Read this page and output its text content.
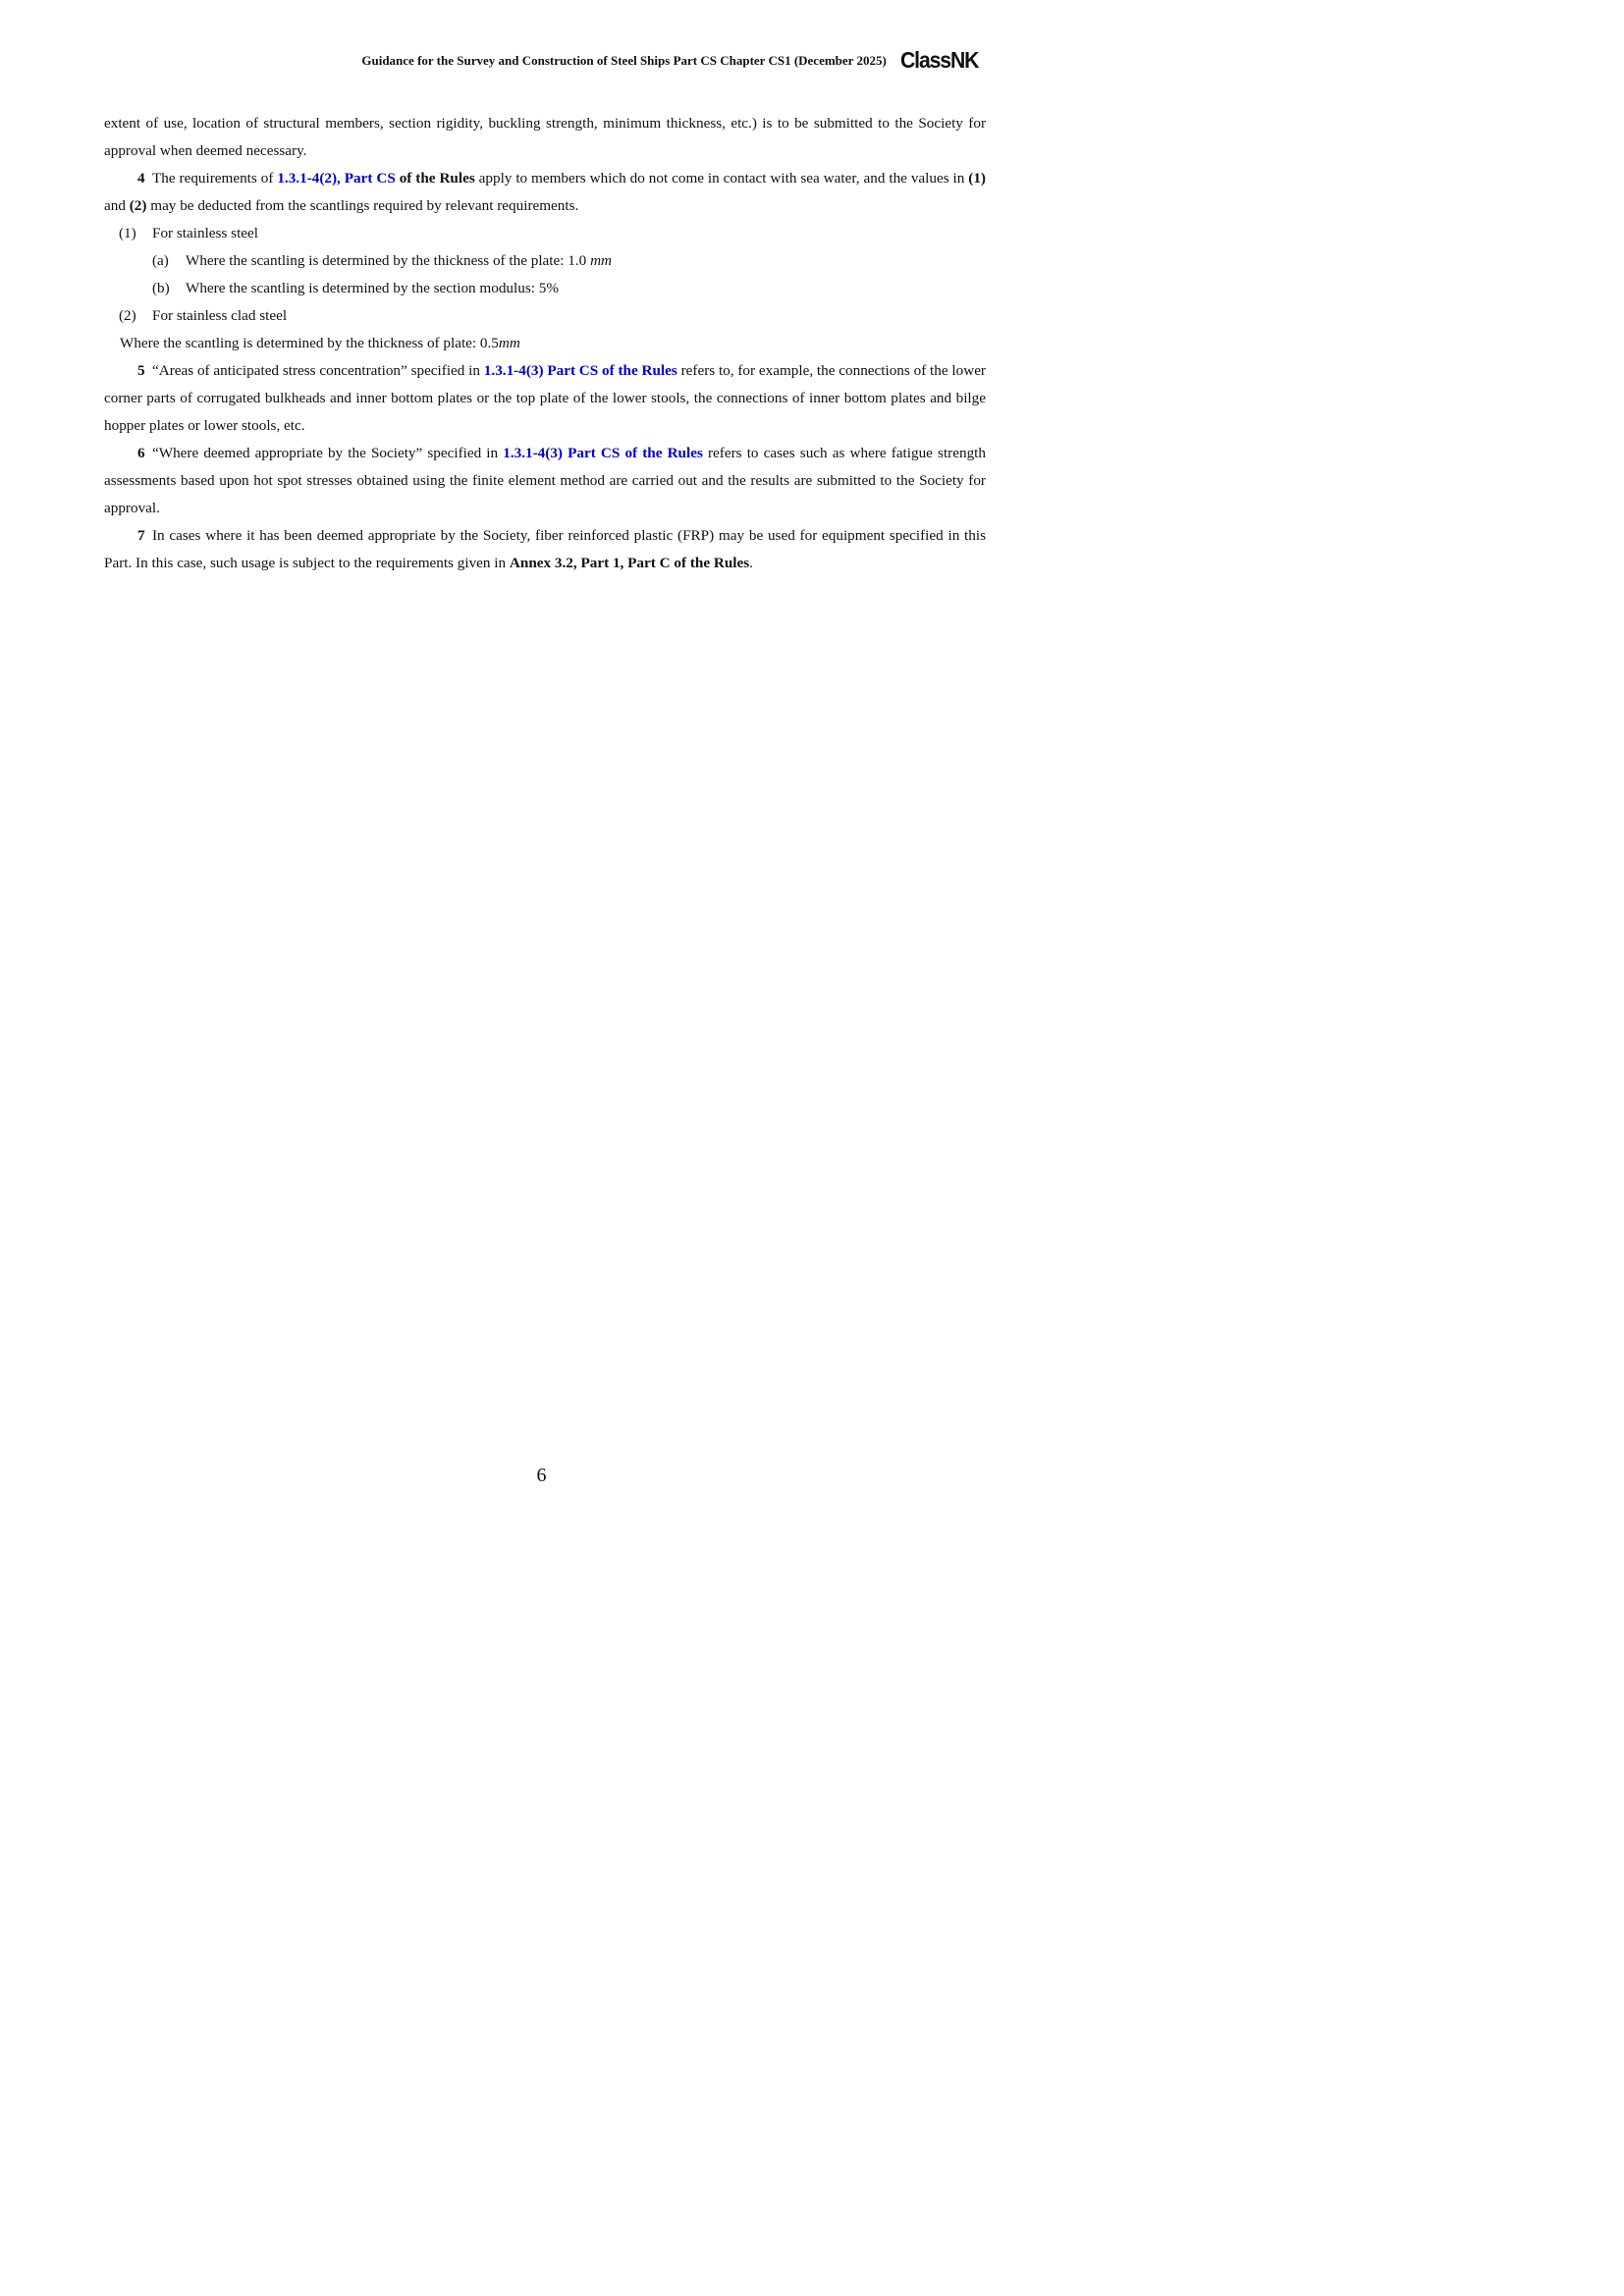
Guidance for the Survey and Construction of Steel Ships Part CS Chapter CS1 (December 2025) ClassNK

extent of use, location of structural members, section rigidity, buckling strength, minimum thickness, etc.) is to be submitted to the Society for approval when deemed necessary.

4 The requirements of 1.3.1-4(2), Part CS of the Rules apply to members which do not come in contact with sea water, and the values in (1) and (2) may be deducted from the scantlings required by relevant requirements.

(1)	For stainless steel
(a)	Where the scantling is determined by the thickness of the plate: 1.0 mm
(b)	Where the scantling is determined by the section modulus: 5%
(2)	For stainless clad steel

Where the scantling is determined by the thickness of plate: 0.5mm

5 “Areas of anticipated stress concentration” specified in 1.3.1-4(3) Part CS of the Rules refers to, for example, the connections of the lower corner parts of corrugated bulkheads and inner bottom plates or the top plate of the lower stools, the connections of inner bottom plates and bilge hopper plates or lower stools, etc.

6 “Where deemed appropriate by the Society” specified in 1.3.1-4(3) Part CS of the Rules refers to cases such as where fatigue strength assessments based upon hot spot stresses obtained using the finite element method are carried out and the results are submitted to the Society for approval.

7 In cases where it has been deemed appropriate by the Society, fiber reinforced plastic (FRP) may be used for equipment specified in this Part. In this case, such usage is subject to the requirements given in Annex 3.2, Part 1, Part C of the Rules.

6
